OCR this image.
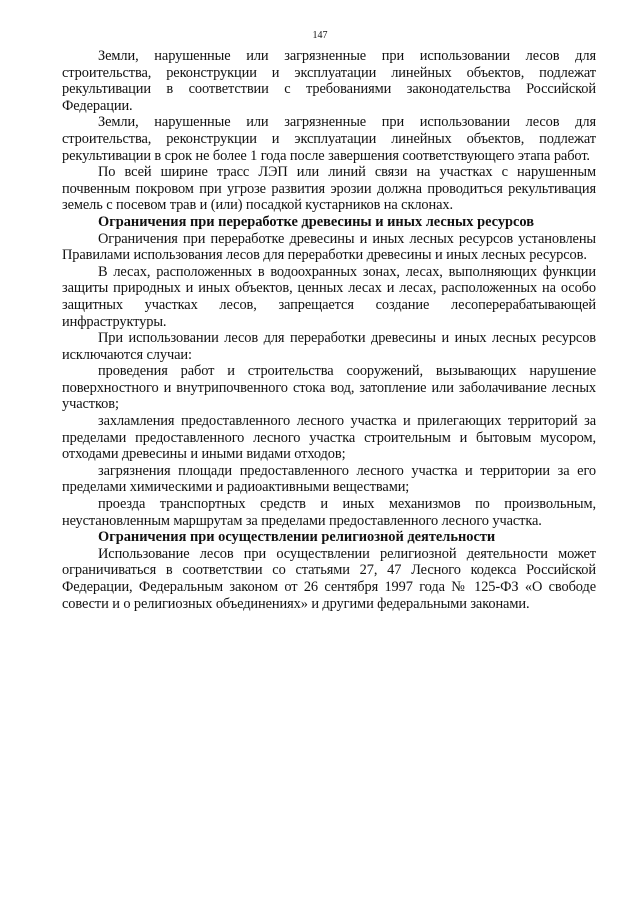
147

Земли, нарушенные или загрязненные при использовании лесов для строительства, реконструкции и эксплуатации линейных объектов, подлежат рекультивации в соответствии с требованиями законодательства Российской Федерации.

Земли, нарушенные или загрязненные при использовании лесов для строительства, реконструкции и эксплуатации линейных объектов, подлежат рекультивации в срок не более 1 года после завершения соответствующего этапа работ.

По всей ширине трасс ЛЭП или линий связи на участках с нарушенным почвенным покровом при угрозе развития эрозии должна проводиться рекультивация земель с посевом трав и (или) посадкой кустарников на склонах.

Ограничения при переработке древесины и иных лесных ресурсов

Ограничения при переработке древесины и иных лесных ресурсов установлены Правилами использования лесов для переработки древесины и иных лесных ресурсов.

В лесах, расположенных в водоохранных зонах, лесах, выполняющих функции защиты природных и иных объектов, ценных лесах и лесах, расположенных на особо защитных участках лесов, запрещается создание лесоперерабатывающей инфраструктуры.

При использовании лесов для переработки древесины и иных лесных ресурсов исключаются случаи:

проведения работ и строительства сооружений, вызывающих нарушение поверхностного и внутрипочвенного стока вод, затопление или заболачивание лесных участков;

захламления предоставленного лесного участка и прилегающих территорий за пределами предоставленного лесного участка строительным и бытовым мусором, отходами древесины и иными видами отходов;

загрязнения площади предоставленного лесного участка и территории за его пределами химическими и радиоактивными веществами;

проезда транспортных средств и иных механизмов по произвольным, неустановленным маршрутам за пределами предоставленного лесного участка.

Ограничения при осуществлении религиозной деятельности

Использование лесов при осуществлении религиозной деятельности может ограничиваться в соответствии со статьями 27, 47 Лесного кодекса Российской Федерации, Федеральным законом от 26 сентября 1997 года № 125-ФЗ «О свободе совести и о религиозных объединениях» и другими федеральными законами.
